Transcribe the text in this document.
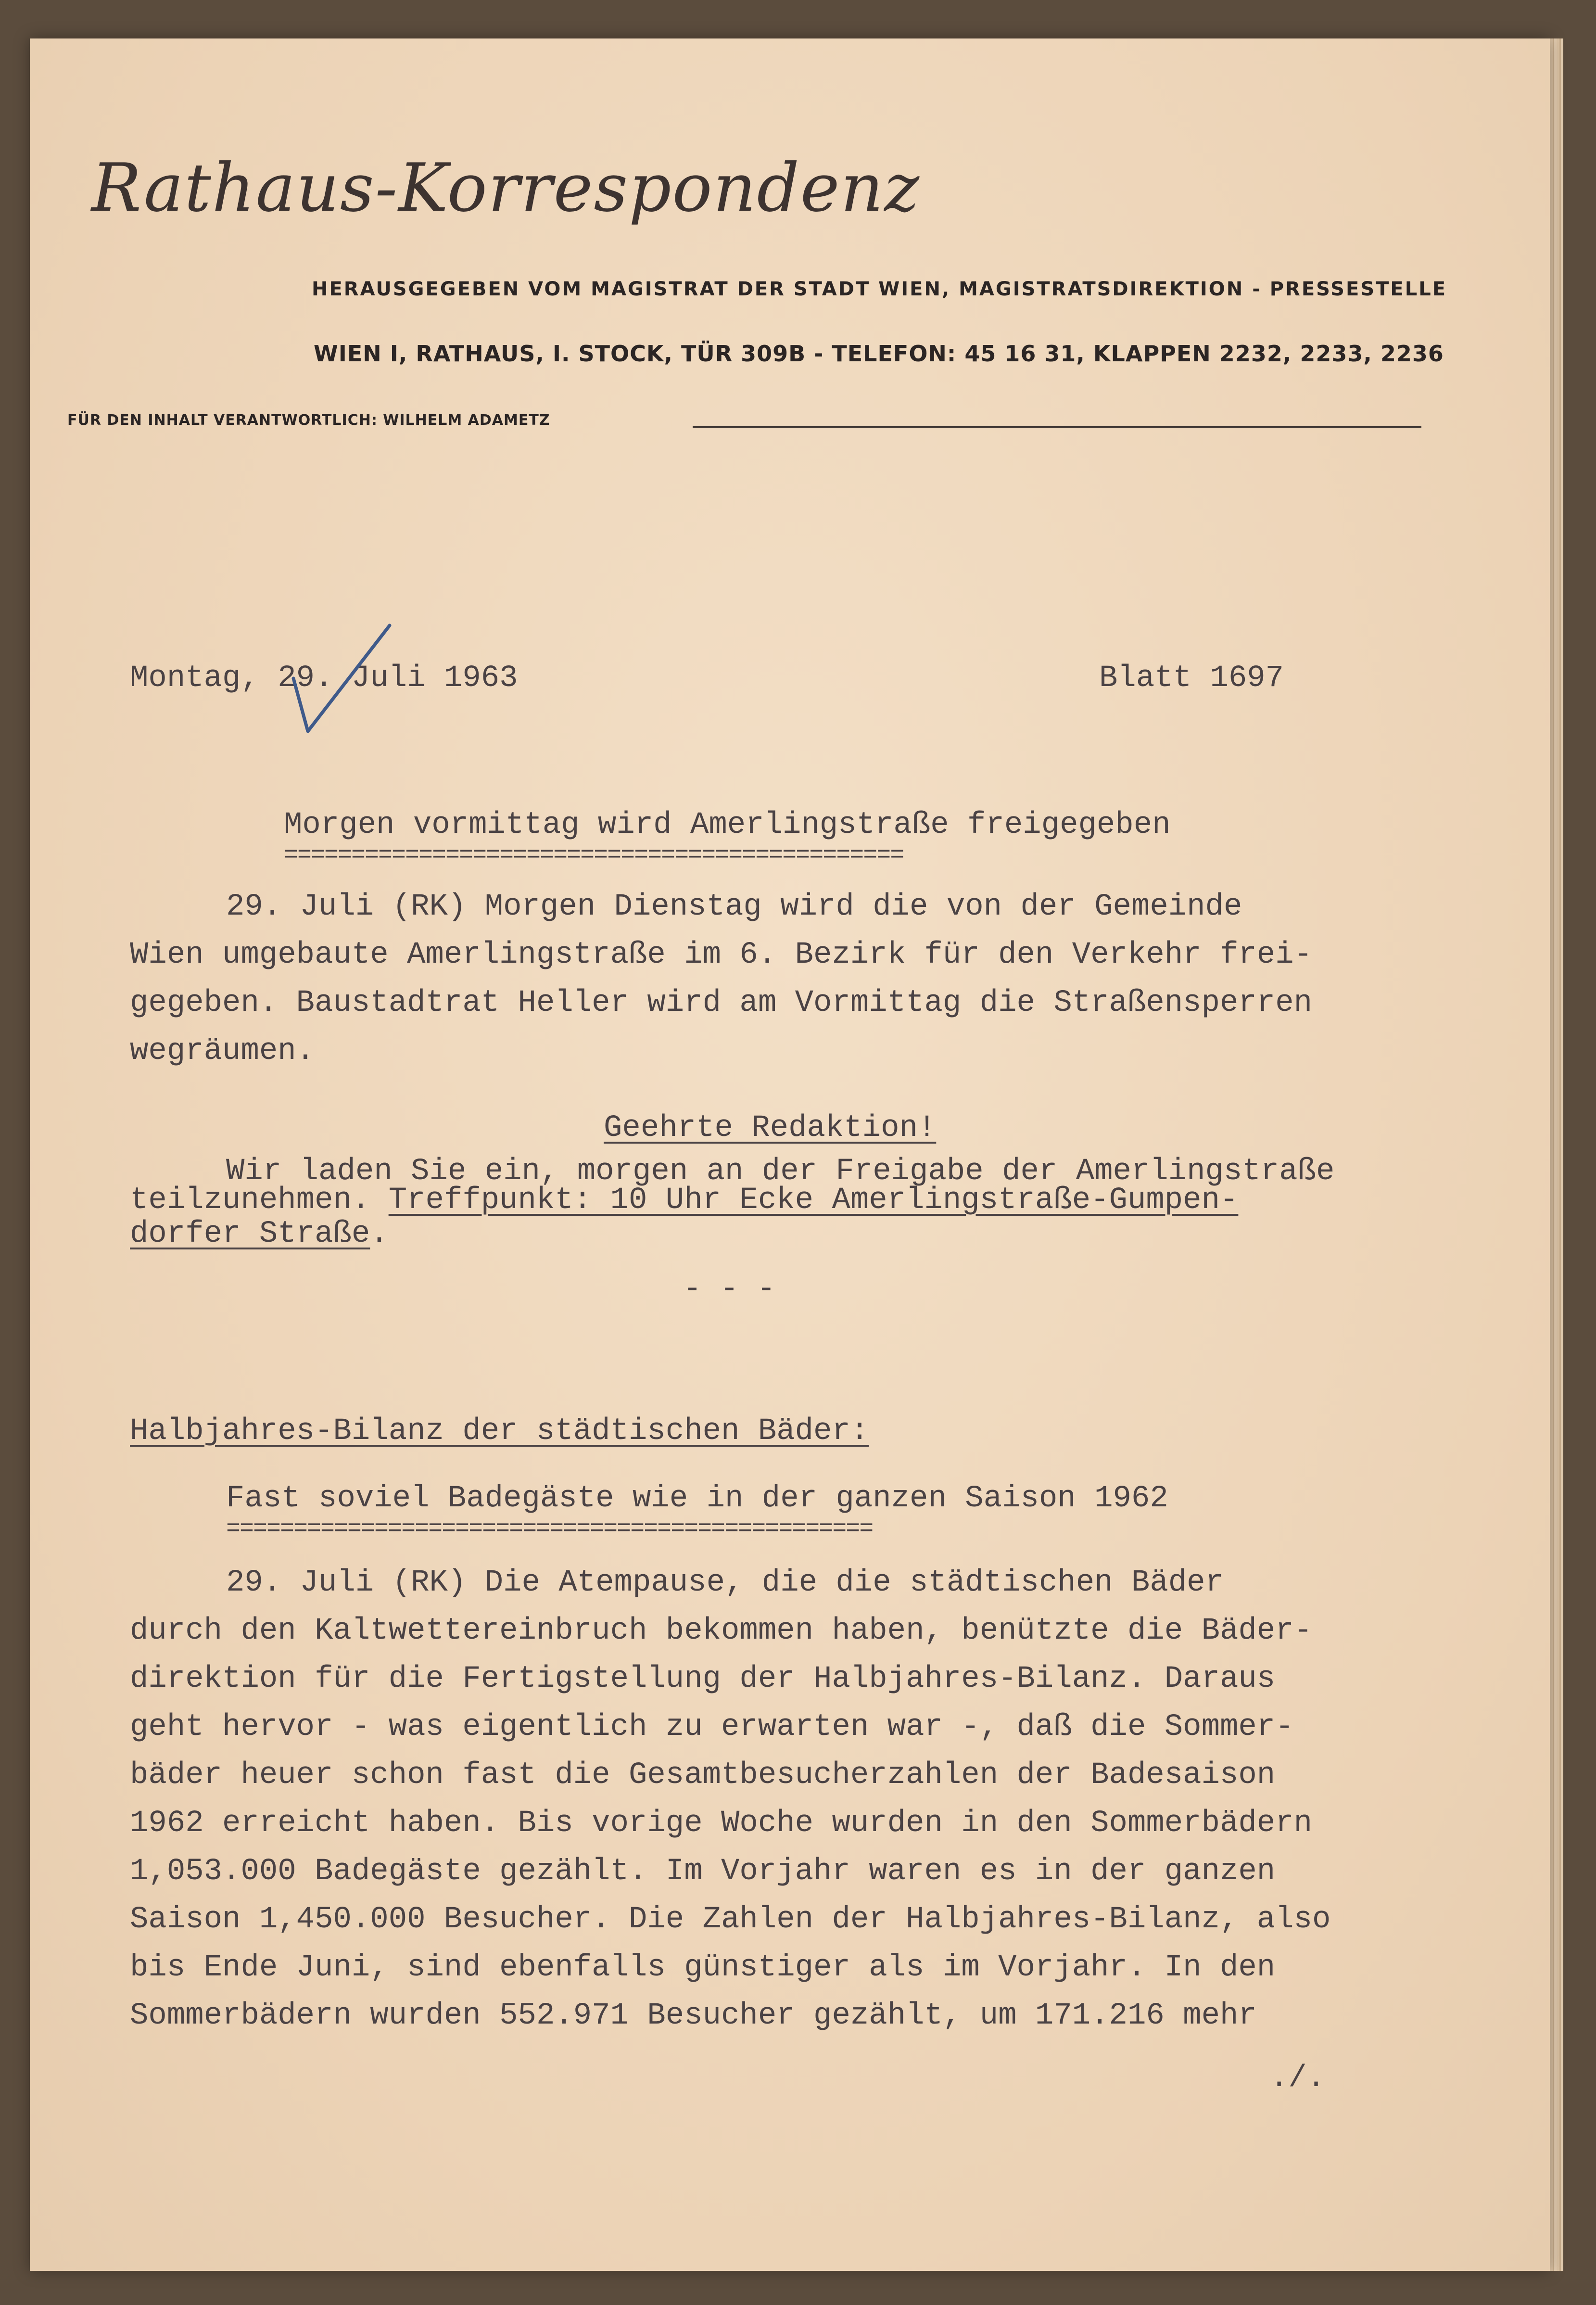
Rathaus-Korrespondenz
HERAUSGEGEBEN VOM MAGISTRAT DER STADT WIEN, MAGISTRATSDIREKTION - PRESSESTELLE
WIEN I, RATHAUS, I. STOCK, TÜR 309B - TELEFON: 45 16 31, KLAPPEN 2232, 2233, 2236
FÜR DEN INHALT VERANTWORTLICH: WILHELM ADAMETZ
Montag, 29. Juli 1963	Blatt 1697
Morgen vormittag wird Amerlingstraße freigegeben
==============================================
29. Juli (RK) Morgen Dienstag wird die von der Gemeinde
Wien umgebaute Amerlingstraße im 6. Bezirk für den Verkehr frei-
gegeben. Baustadtrat Heller wird am Vormittag die Straßensperren
wegräumen.
Geehrte Redaktion!
Wir laden Sie ein, morgen an der Freigabe der Amerlingstraße
teilzunehmen. Treffpunkt: 10 Uhr Ecke Amerlingstraße-Gumpen-
dorfer Straße.
- - -
Halbjahres-Bilanz der städtischen Bäder:
Fast soviel Badegäste wie in der ganzen Saison 1962
================================================
29. Juli (RK) Die Atempause, die die städtischen Bäder
durch den Kaltwettereinbruch bekommen haben, benützte die Bäder-
direktion für die Fertigstellung der Halbjahres-Bilanz. Daraus
geht hervor - was eigentlich zu erwarten war -, daß die Sommer-
bäder heuer schon fast die Gesamtbesucherzahlen der Badesaison
1962 erreicht haben. Bis vorige Woche wurden in den Sommerbädern
1,053.000 Badegäste gezählt. Im Vorjahr waren es in der ganzen
Saison 1,450.000 Besucher. Die Zahlen der Halbjahres-Bilanz, also
bis Ende Juni, sind ebenfalls günstiger als im Vorjahr. In den
Sommerbädern wurden 552.971 Besucher gezählt, um 171.216 mehr
./.
